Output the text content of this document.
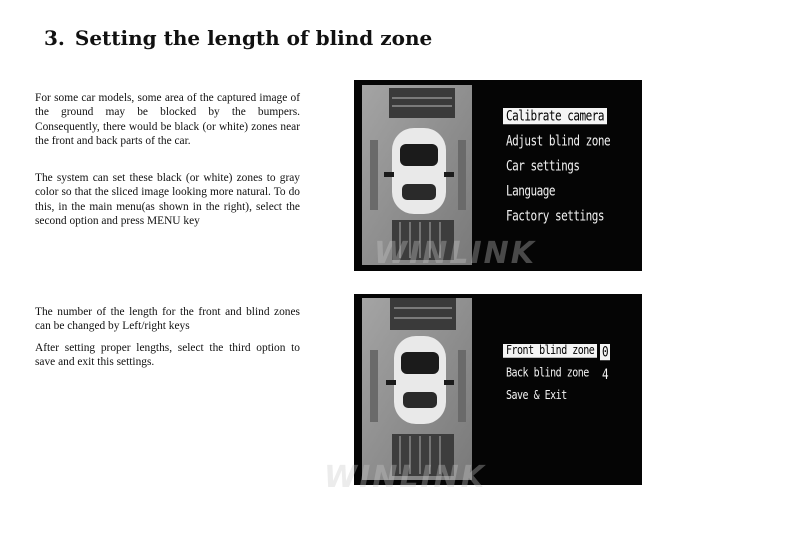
3. Setting the length of blind zone

For some car models, some area of the captured image of the ground may be blocked by the bumpers. Consequently, there would be black (or white) zones near the front and back parts of the car.

The system can set these black (or white) zones to gray color so that the sliced image looking more natural. To do this, in the main menu(as shown in the right), select the second option and press MENU key

The number of the length for the front and blind zones can be changed by Left/right keys

After setting proper lengths, select the third option to save and exit this settings.

Calibrate camera
Adjust blind zone
Car settings
Language
Factory settings
WINLINK
Front blind zone
Back blind zone
Save & Exit
0
4
WINLINK
